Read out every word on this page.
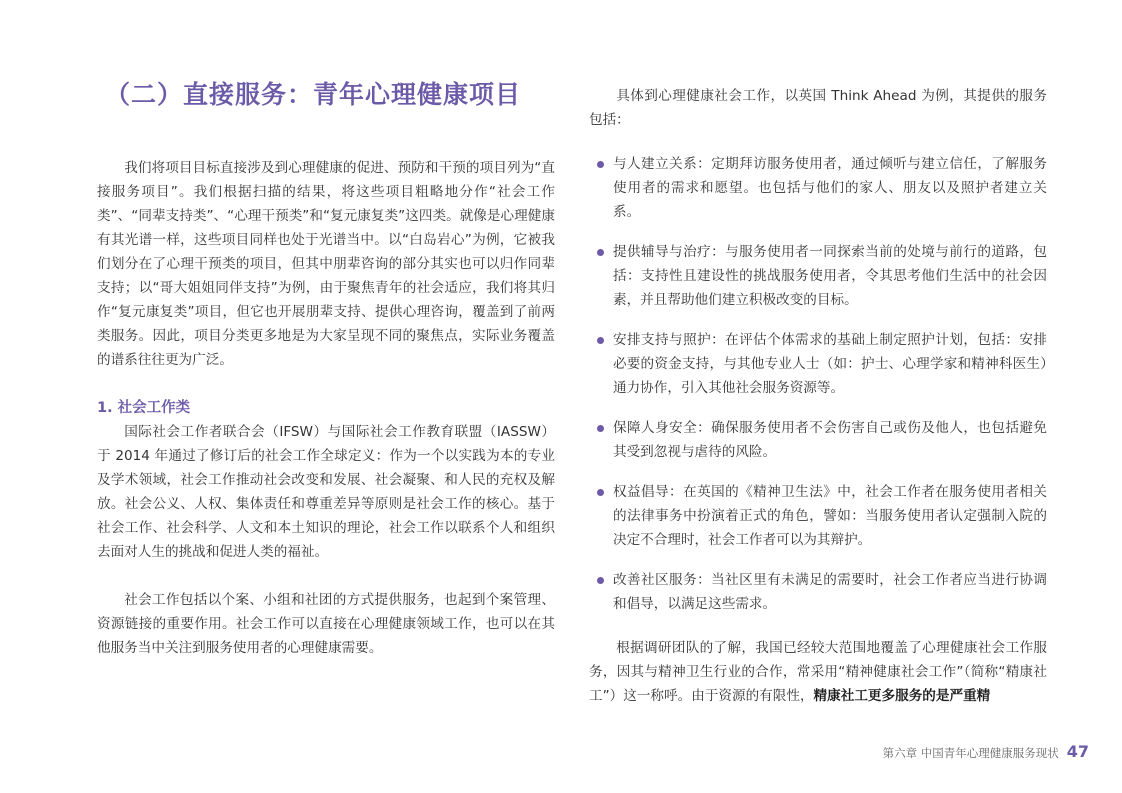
（二）直接服务：青年心理健康项目

我们将项目目标直接涉及到心理健康的促进、预防和干预的项目列为“直接服务项目”。我们根据扫描的结果，将这些项目粗略地分作“社会工作类”、“同辈支持类”、“心理干预类”和“复元康复类”这四类。就像是心理健康有其光谱一样，这些项目同样也处于光谱当中。以“白岛岩心”为例，它被我们划分在了心理干预类的项目，但其中朋辈咨询的部分其实也可以归作同辈支持；以“哥大姐姐同伴支持”为例，由于聚焦青年的社会适应，我们将其归作“复元康复类”项目，但它也开展朋辈支持、提供心理咨询，覆盖到了前两类服务。因此，项目分类更多地是为大家呈现不同的聚焦点，实际业务覆盖的谱系往往更为广泛。

1. 社会工作类

国际社会工作者联合会（IFSW）与国际社会工作教育联盟（IASSW）于 2014 年通过了修订后的社会工作全球定义：作为一个以实践为本的专业及学术领域，社会工作推动社会改变和发展、社会凝聚、和人民的充权及解放。社会公义、人权、集体责任和尊重差异等原则是社会工作的核心。基于社会工作、社会科学、人文和本土知识的理论，社会工作以联系个人和组织去面对人生的挑战和促进人类的福祉。

社会工作包括以个案、小组和社团的方式提供服务，也起到个案管理、资源链接的重要作用。社会工作可以直接在心理健康领域工作，也可以在其他服务当中关注到服务使用者的心理健康需要。

具体到心理健康社会工作，以英国 Think Ahead 为例，其提供的服务包括：

与人建立关系：定期拜访服务使用者，通过倾听与建立信任，了解服务使用者的需求和愿望。也包括与他们的家人、朋友以及照护者建立关系。
提供辅导与治疗：与服务使用者一同探索当前的处境与前行的道路，包括：支持性且建设性的挑战服务使用者，令其思考他们生活中的社会因素，并且帮助他们建立积极改变的目标。
安排支持与照护：在评估个体需求的基础上制定照护计划，包括：安排必要的资金支持，与其他专业人士（如：护士、心理学家和精神科医生）通力协作，引入其他社会服务资源等。
保障人身安全：确保服务使用者不会伤害自己或伤及他人，也包括避免其受到忽视与虐待的风险。
权益倡导：在英国的《精神卫生法》中，社会工作者在服务使用者相关的法律事务中扮演着正式的角色，譬如：当服务使用者认定强制入院的决定不合理时，社会工作者可以为其辩护。
改善社区服务：当社区里有未满足的需要时，社会工作者应当进行协调和倡导，以满足这些需求。

根据调研团队的了解，我国已经较大范围地覆盖了心理健康社会工作服务，因其与精神卫生行业的合作，常采用“精神健康社会工作”（简称“精康社工”）这一称呼。由于资源的有限性，精康社工更多服务的是严重精

第六章 中国青年心理健康服务现状 47
